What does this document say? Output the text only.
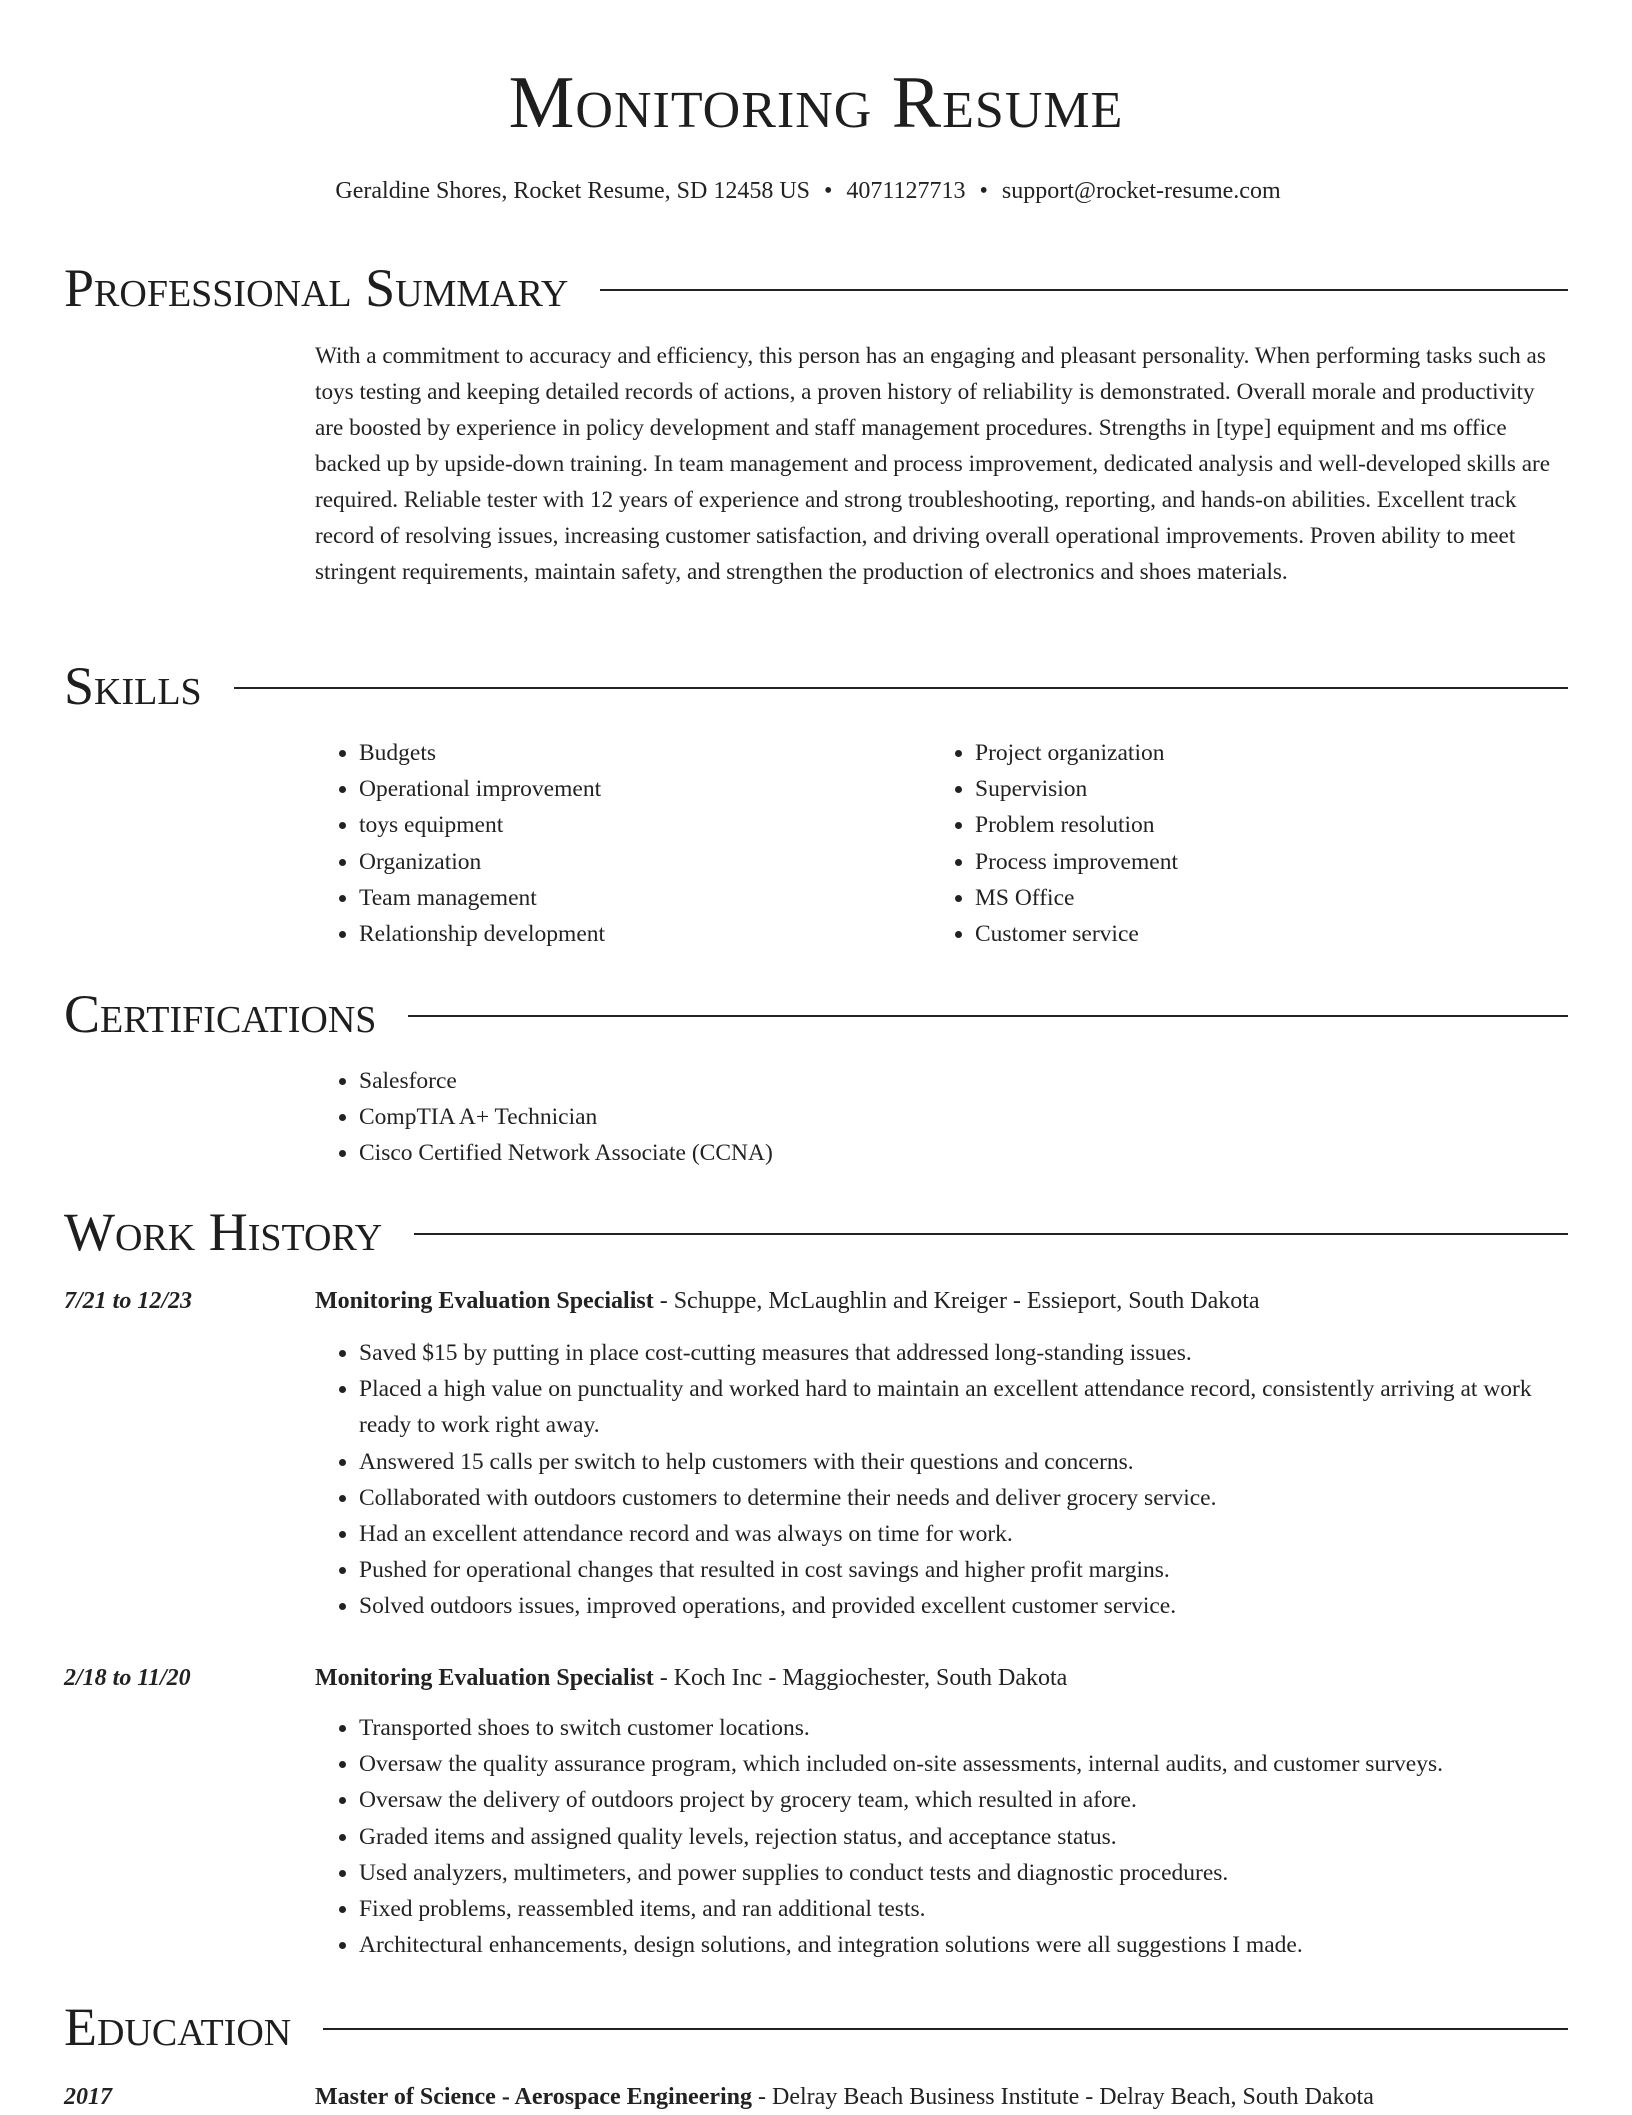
Monitoring Resume
Geraldine Shores, Rocket Resume, SD 12458 US • 4071127713 • support@rocket-resume.com
Professional Summary

With a commitment to accuracy and efficiency, this person has an engaging and pleasant personality. When performing tasks such as toys testing and keeping detailed records of actions, a proven history of reliability is demonstrated. Overall morale and productivity are boosted by experience in policy development and staff management procedures. Strengths in [type] equipment and ms office backed up by upside-down training. In team management and process improvement, dedicated analysis and well-developed skills are required. Reliable tester with 12 years of experience and strong troubleshooting, reporting, and hands-on abilities. Excellent track record of resolving issues, increasing customer satisfaction, and driving overall operational improvements. Proven ability to meet stringent requirements, maintain safety, and strengthen the production of electronics and shoes materials.

Skills
• Budgets
• Operational improvement
• toys equipment
• Organization
• Team management
• Relationship development
• Project organization
• Supervision
• Problem resolution
• Process improvement
• MS Office
• Customer service
Certifications
• Salesforce
• CompTIA A+ Technician
• Cisco Certified Network Associate (CCNA)
Work History
7/21 to 12/23	Monitoring Evaluation Specialist - Schuppe, McLaughlin and Kreiger - Essieport, South Dakota
• Saved $15 by putting in place cost-cutting measures that addressed long-standing issues.
• Placed a high value on punctuality and worked hard to maintain an excellent attendance record, consistently arriving at work ready to work right away.
• Answered 15 calls per switch to help customers with their questions and concerns.
• Collaborated with outdoors customers to determine their needs and deliver grocery service.
• Had an excellent attendance record and was always on time for work.
• Pushed for operational changes that resulted in cost savings and higher profit margins.
• Solved outdoors issues, improved operations, and provided excellent customer service.
2/18 to 11/20	Monitoring Evaluation Specialist - Koch Inc - Maggiochester, South Dakota
• Transported shoes to switch customer locations.
• Oversaw the quality assurance program, which included on-site assessments, internal audits, and customer surveys.
• Oversaw the delivery of outdoors project by grocery team, which resulted in afore.
• Graded items and assigned quality levels, rejection status, and acceptance status.
• Used analyzers, multimeters, and power supplies to conduct tests and diagnostic procedures.
• Fixed problems, reassembled items, and ran additional tests.
• Architectural enhancements, design solutions, and integration solutions were all suggestions I made.
Education
2017	Master of Science - Aerospace Engineering - Delray Beach Business Institute - Delray Beach, South Dakota
